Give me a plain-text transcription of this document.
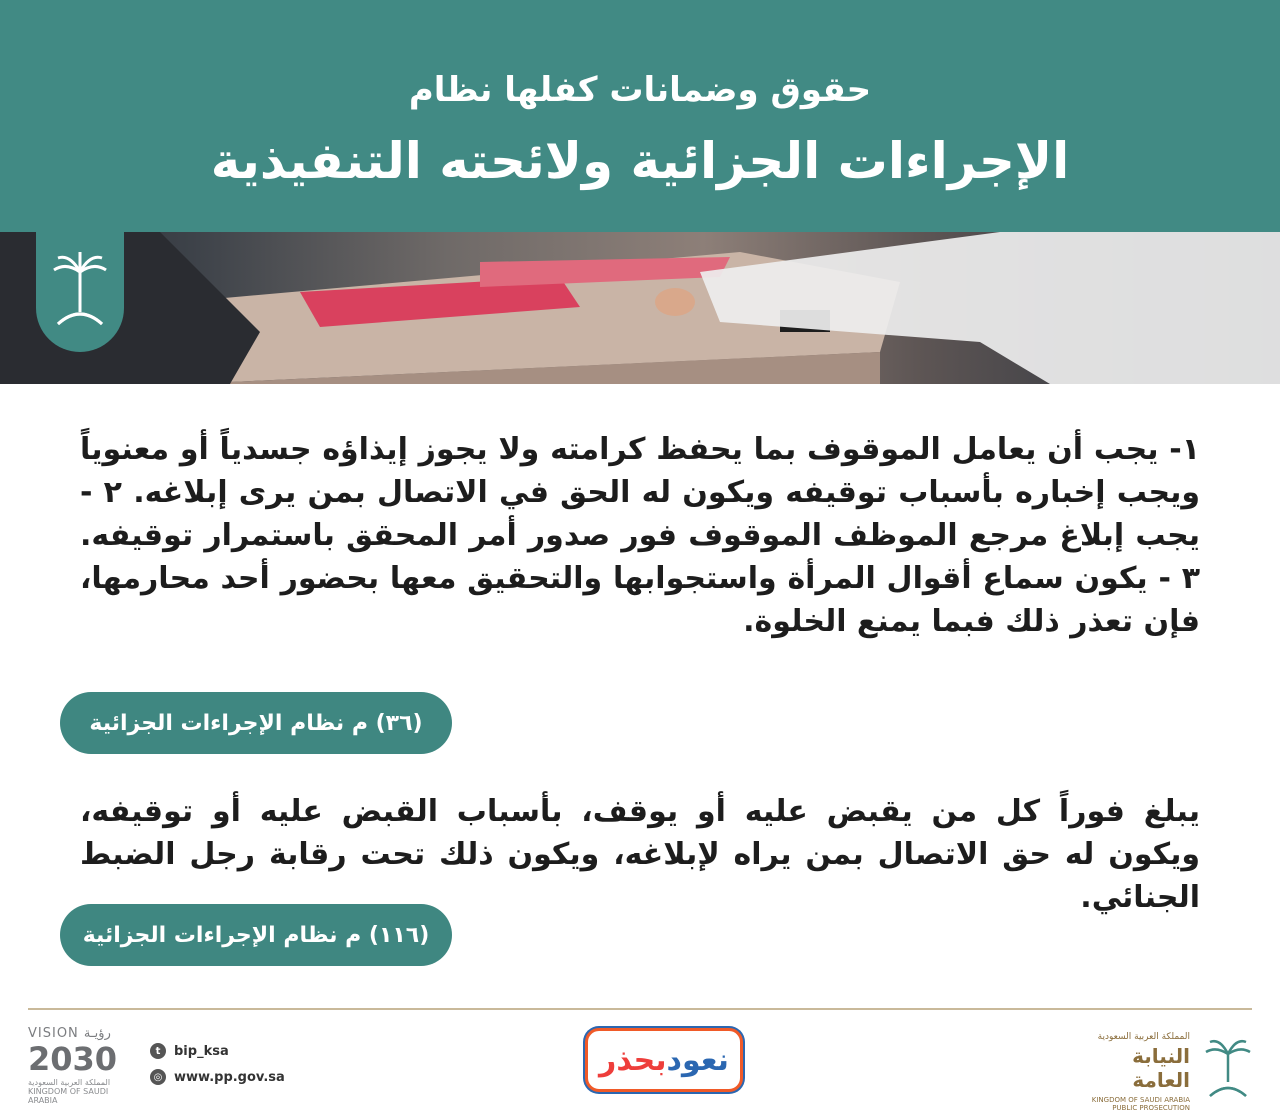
حقوق وضمانات كفلها نظام
الإجراءات الجزائية ولائحته التنفيذية
١- يجب أن يعامل الموقوف بما يحفظ كرامته ولا يجوز إيذاؤه جسدياً أو معنوياً ويجب إخباره بأسباب توقيفه ويكون له الحق في الاتصال بمن يرى إبلاغه. ٢ - يجب إبلاغ مرجع الموظف الموقوف فور صدور أمر المحقق باستمرار توقيفه. ٣ - يكون سماع أقوال المرأة واستجوابها والتحقيق معها بحضور أحد محارمها، فإن تعذر ذلك فبما يمنع الخلوة.
(٣٦) م نظام الإجراءات الجزائية
يبلغ فوراً كل من يقبض عليه أو يوقف، بأسباب القبض عليه أو توقيفه، ويكون له حق الاتصال بمن يراه لإبلاغه، ويكون ذلك تحت رقابة رجل الضبط الجنائي.
(١١٦) م نظام الإجراءات الجزائية
VISION رؤيـة
2030
المملكة العربية السعودية KINGDOM OF SAUDI ARABIA
t	bip_ksa
◎ www.pp.gov.sa	نعود
بحذر
المملكة العربية السعودية
النيابة العامة
KINGDOM OF SAUDI ARABIA PUBLIC PROSECUTION
